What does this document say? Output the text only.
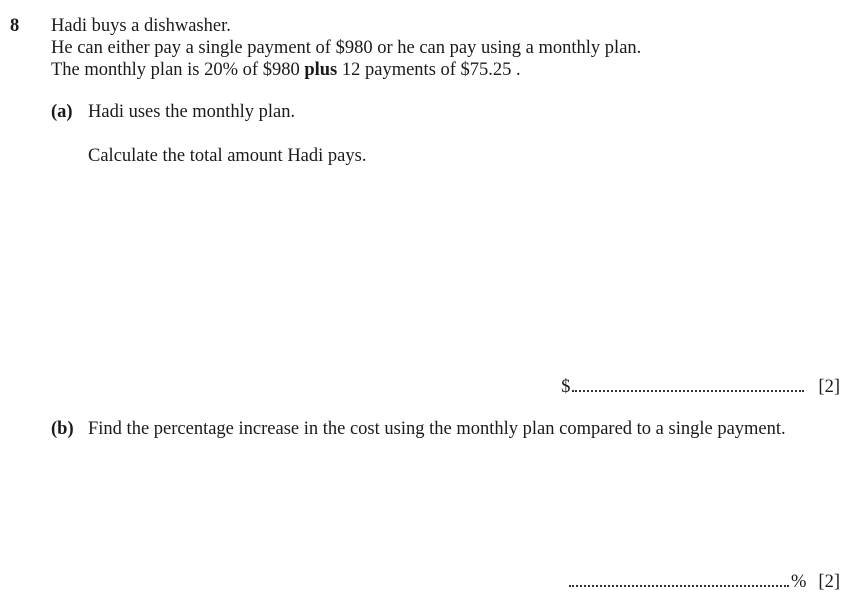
8 Hadi buys a dishwasher.
He can either pay a single payment of $980 or he can pay using a monthly plan.
The monthly plan is 20% of $980 plus 12 payments of $75.25 .
(a) Hadi uses the monthly plan.
Calculate the total amount Hadi pays.
$	[2]
(b) Find the percentage increase in the cost using the monthly plan compared to a single payment.
% [2]
